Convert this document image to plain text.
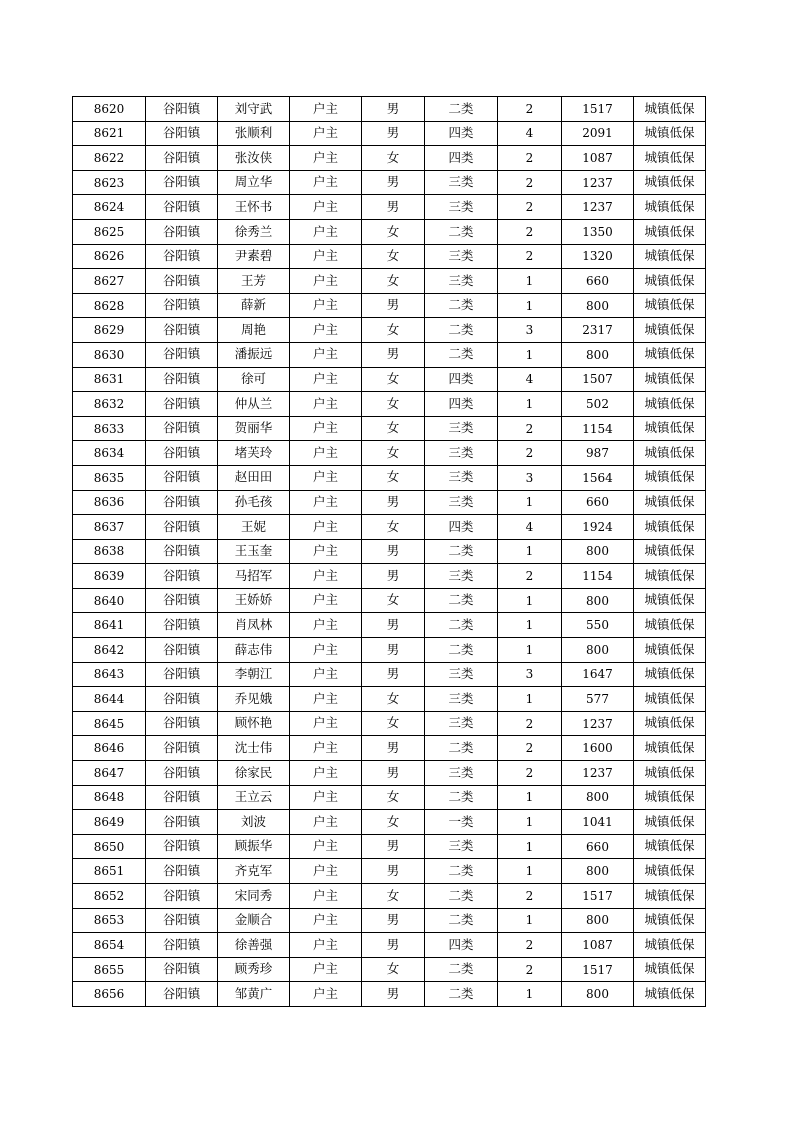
8620	谷阳镇	刘守武	户主	男	二类	2	1517	城镇低保
8621	谷阳镇	张顺利	户主	男	四类	4	2091	城镇低保
8622	谷阳镇	张汝侠	户主	女	四类	2	1087	城镇低保
8623	谷阳镇	周立华	户主	男	三类	2	1237	城镇低保
8624	谷阳镇	王怀书	户主	男	三类	2	1237	城镇低保
8625	谷阳镇	徐秀兰	户主	女	二类	2	1350	城镇低保
8626	谷阳镇	尹素碧	户主	女	三类	2	1320	城镇低保
8627	谷阳镇	王芳	户主	女	三类	1	660	城镇低保
8628	谷阳镇	薛新	户主	男	二类	1	800	城镇低保
8629	谷阳镇	周艳	户主	女	二类	3	2317	城镇低保
8630	谷阳镇	潘振远	户主	男	二类	1	800	城镇低保
8631	谷阳镇	徐可	户主	女	四类	4	1507	城镇低保
8632	谷阳镇	仲从兰	户主	女	四类	1	502	城镇低保
8633	谷阳镇	贺丽华	户主	女	三类	2	1154	城镇低保
8634	谷阳镇	堵芙玲	户主	女	三类	2	987	城镇低保
8635	谷阳镇	赵田田	户主	女	三类	3	1564	城镇低保
8636	谷阳镇	孙毛孩	户主	男	三类	1	660	城镇低保
8637	谷阳镇	王妮	户主	女	四类	4	1924	城镇低保
8638	谷阳镇	王玉奎	户主	男	二类	1	800	城镇低保
8639	谷阳镇	马招军	户主	男	三类	2	1154	城镇低保
8640	谷阳镇	王娇娇	户主	女	二类	1	800	城镇低保
8641	谷阳镇	肖凤林	户主	男	二类	1	550	城镇低保
8642	谷阳镇	薛志伟	户主	男	二类	1	800	城镇低保
8643	谷阳镇	李朝江	户主	男	三类	3	1647	城镇低保
8644	谷阳镇	乔见娥	户主	女	三类	1	577	城镇低保
8645	谷阳镇	顾怀艳	户主	女	三类	2	1237	城镇低保
8646	谷阳镇	沈士伟	户主	男	二类	2	1600	城镇低保
8647	谷阳镇	徐家民	户主	男	三类	2	1237	城镇低保
8648	谷阳镇	王立云	户主	女	二类	1	800	城镇低保
8649	谷阳镇	刘波	户主	女	一类	1	1041	城镇低保
8650	谷阳镇	顾振华	户主	男	三类	1	660	城镇低保
8651	谷阳镇	齐克军	户主	男	二类	1	800	城镇低保
8652	谷阳镇	宋同秀	户主	女	二类	2	1517	城镇低保
8653	谷阳镇	金顺合	户主	男	二类	1	800	城镇低保
8654	谷阳镇	徐善强	户主	男	四类	2	1087	城镇低保
8655	谷阳镇	顾秀珍	户主	女	二类	2	1517	城镇低保
8656	谷阳镇	邹黄广	户主	男	二类	1	800	城镇低保
